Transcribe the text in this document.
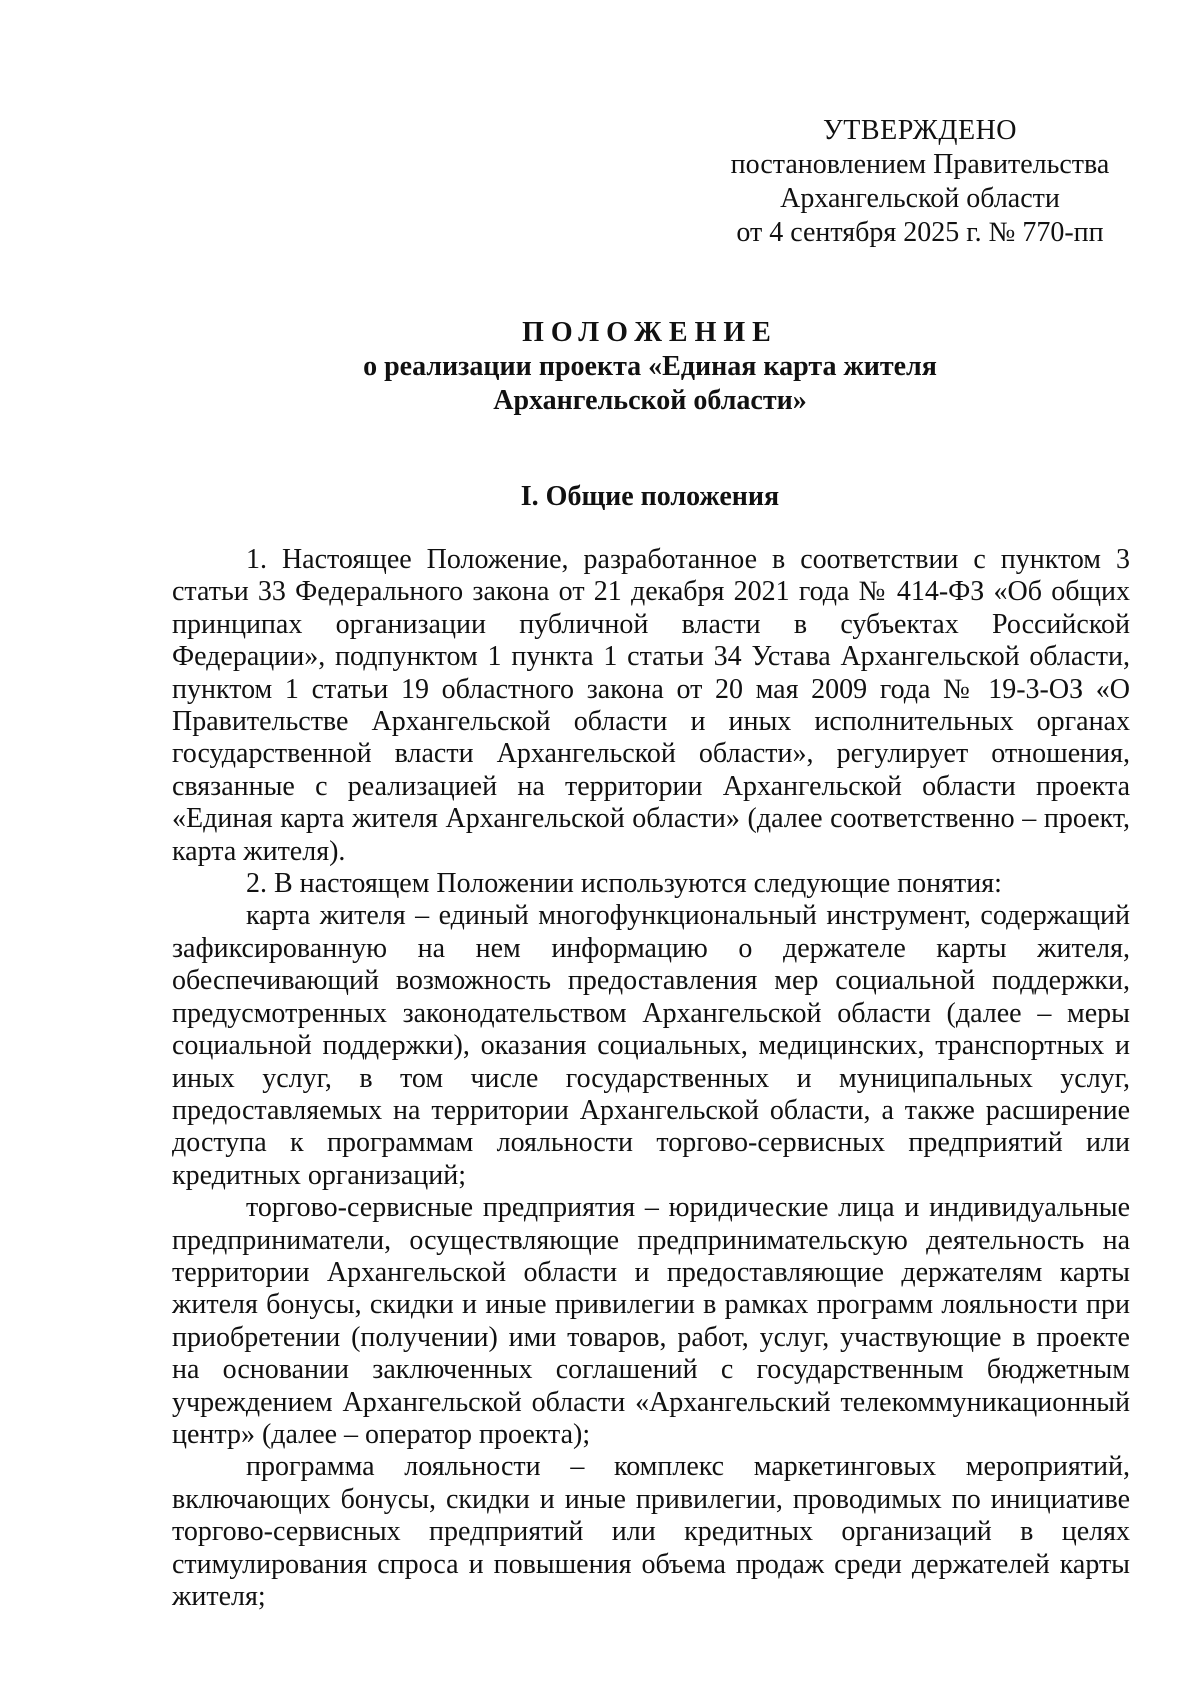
УТВЕРЖДЕНО
постановлением Правительства
Архангельской области
от 4 сентября 2025 г. № 770-пп
ПОЛОЖЕНИЕ
о реализации проекта «Единая карта жителя
Архангельской области»
I. Общие положения

1. Настоящее Положение, разработанное в соответствии с пунктом 3 статьи 33 Федерального закона от 21 декабря 2021 года № 414-ФЗ «Об общих принципах организации публичной власти в субъектах Российской Федерации», подпунктом 1 пункта 1 статьи 34 Устава Архангельской области, пунктом 1 статьи 19 областного закона от 20 мая 2009 года № 19-3-ОЗ «О Правительстве Архангельской области и иных исполнительных органах государственной власти Архангельской области», регулирует отношения, связанные с реализацией на территории Архангельской области проекта «Единая карта жителя Архангельской области» (далее соответственно – проект, карта жителя).

2. В настоящем Положении используются следующие понятия:

карта жителя – единый многофункциональный инструмент, содержащий зафиксированную на нем информацию о держателе карты жителя, обеспечивающий возможность предоставления мер социальной поддержки, предусмотренных законодательством Архангельской области (далее – меры социальной поддержки), оказания социальных, медицинских, транспортных и иных услуг, в том числе государственных и муниципальных услуг, предоставляемых на территории Архангельской области, а также расширение доступа к программам лояльности торгово-сервисных предприятий или кредитных организаций;

торгово-сервисные предприятия – юридические лица и индивидуальные предприниматели, осуществляющие предпринимательскую деятельность на территории Архангельской области и предоставляющие держателям карты жителя бонусы, скидки и иные привилегии в рамках программ лояльности при приобретении (получении) ими товаров, работ, услуг, участвующие в проекте на основании заключенных соглашений с государственным бюджетным учреждением Архангельской области «Архангельский телекоммуникационный центр» (далее – оператор проекта);

программа лояльности – комплекс маркетинговых мероприятий, включающих бонусы, скидки и иные привилегии, проводимых по инициативе торгово-сервисных предприятий или кредитных организаций в целях стимулирования спроса и повышения объема продаж среди держателей карты жителя;
